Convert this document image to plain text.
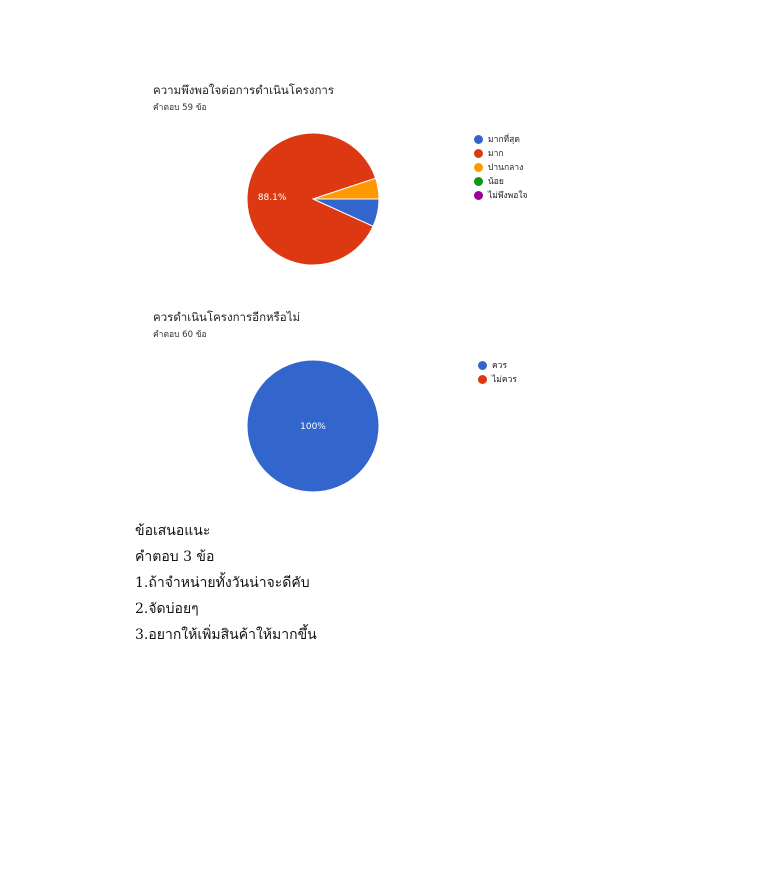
ความพึงพอใจต่อการดำเนินโครงการ
คำตอบ 59 ข้อ
88.1%
มากที่สุด
มาก
ปานกลาง
น้อย
ไม่พึงพอใจ
ควรดำเนินโครงการอีกหรือไม่
คำตอบ 60 ข้อ
100%
ควร
ไม่ควร
ข้อเสนอแนะ
คำตอบ 3 ข้อ
1.ถ้าจำหน่ายทั้งวันน่าจะดีคับ
2.จัดบ่อยๆ
3.อยากให้เพิ่มสินค้าให้มากขึ้น
